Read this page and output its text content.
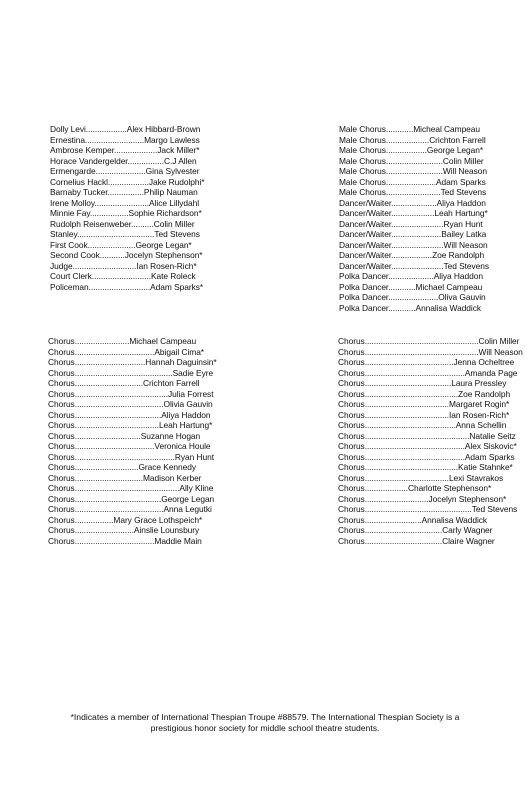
Dolly Levi..................Alex Hibbard-Brown
Ernestina..........................Margo Lawless
Ambrose Kemper...................Jack Miller*
Horace Vandergelder................C.J Allen
Ermengarde......................Gina Sylvester
Cornelius Hackl..................Jake Rudolphi*
Barnaby Tucker................Philip Nauman
Irene Molloy........................Alice Lillydahl
Minnie Fay.................Sophie Richardson*
Rudolph Reisenweber..........Colin Miller
Stanley..................................Ted Stevens
First Cook.....................George Legan*
Second Cook...........Jocelyn Stephenson*
Judge............................Ian Rosen-Rich*
Court Clerk..........................Kate Roleck
Policeman...........................Adam Sparks*
Male Chorus............Micheal Campeau
Male Chorus...................Crichton Farrell
Male Chorus..................George Legan*
Male Chorus.........................Colin Miller
Male Chorus.........................Will Neason
Male Chorus......................Adam Sparks
Male Chorus........................Ted Stevens
Dancer/Waiter....................Aliya Haddon
Dancer/Waiter...................Leah Hartung*
Dancer/Waiter.......................Ryan Hunt
Dancer/Waiter......................Bailey Latka
Dancer/Waiter.......................Will Neason
Dancer/Waiter..................Zoe Randolph
Dancer/Waiter.......................Ted Stevens
Polka Dancer....................Aliya Haddon
Polka Dancer............Michael Campeau
Polka Dancer......................Oliva Gauvin
Polka Dancer............Annalisa Waddick
Chorus........................Michael Campeau
Chorus...................................Abigail Cima*
Chorus...............................Hannah Daguinsin*
Chorus...........................................Sadie Eyre
Chorus..............................Crichton Farrell
Chorus.........................................Julia Forrest
Chorus.......................................Olivia Gauvin
Chorus......................................Aliya Haddon
Chorus.....................................Leah Hartung*
Chorus.............................Suzanne Hogan
Chorus...................................Veronica Houle
Chorus............................................Ryan Hunt
Chorus............................Grace Kennedy
Chorus..............................Madison Kerber
Chorus..............................................Ally Kline
Chorus......................................George Legan
Chorus.......................................Anna Legutki
Chorus.................Mary Grace Lothspeich*
Chorus..........................Ainslie Lounsbury
Chorus...................................Maddie Main
Chorus..................................................Colin Miller
Chorus..................................................Will Neason
Chorus.......................................Jenna Ocheltree
Chorus............................................Amanda Page
Chorus......................................Laura Pressley
Chorus.........................................Zoe Randolph
Chorus.....................................Margaret Rogin*
Chorus.....................................Ian Rosen-Rich*
Chorus........................................Anna Schellin
Chorus..............................................Natalie Seitz
Chorus............................................Alex Siskovic*
Chorus............................................Adam Sparks
Chorus.........................................Katie Stahnke*
Chorus.....................................Lexi Stavrakos
Chorus...................Charlotte Stephenson*
Chorus............................Jocelyn Stephenson*
Chorus...............................................Ted Stevens
Chorus.........................Annalisa Waddick
Chorus..................................Carly Wagner
Chorus..................................Claire Wagner
*Indicates a member of International Thespian Troupe #88579. The International Thespian Society is a
prestigious honor society for middle school theatre students.
